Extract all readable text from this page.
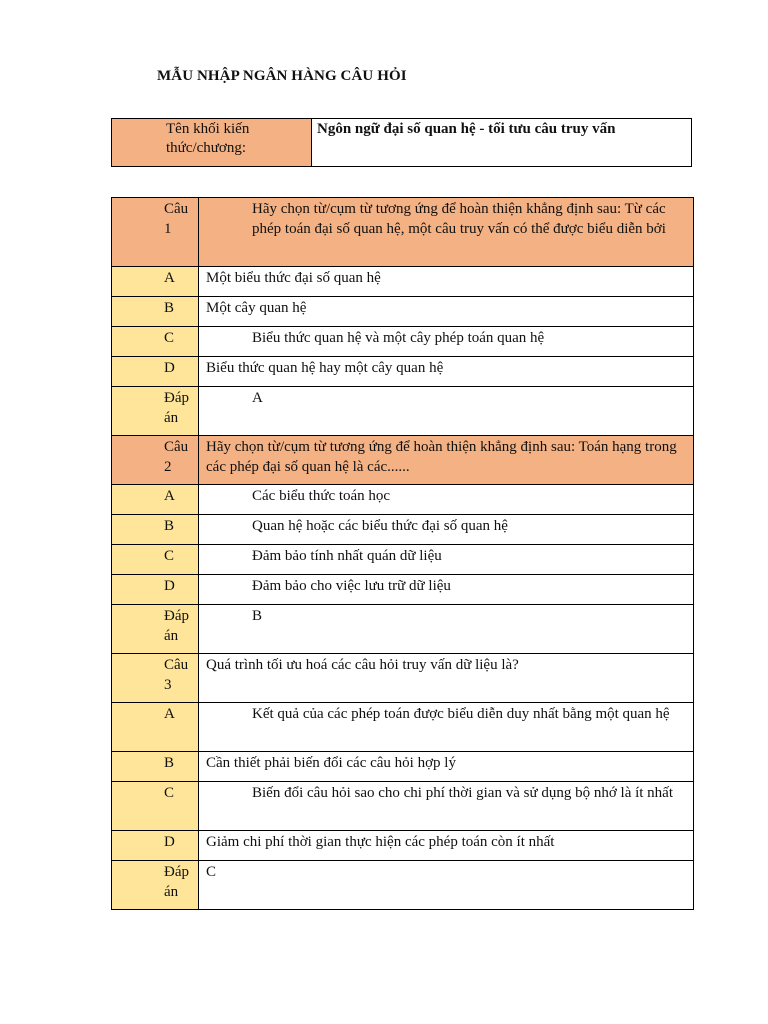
MẪU NHẬP NGÂN HÀNG CÂU HỎI
Tên khối kiến thức/chương:	Ngôn ngữ đại số quan hệ - tối tưu câu truy vấn
Câu 1	Hãy chọn từ/cụm từ tương ứng để hoàn thiện khẳng định sau: Từ các phép toán đại số quan hệ, một câu truy vấn có thể được biểu diễn bởi
A	Một biểu thức đại số quan hệ
B	Một cây quan hệ
C	Biểu thức quan hệ và một cây phép toán quan hệ
D	Biểu thức quan hệ hay một cây quan hệ
Đáp án	A
Câu 2	Hãy chọn từ/cụm từ tương ứng để hoàn thiện khẳng định sau: Toán hạng trong các phép đại số quan hệ là các......
A	Các biểu thức toán học
B	Quan hệ hoặc các biểu thức đại số quan hệ
C	Đảm bảo tính nhất quán dữ liệu
D	Đảm bảo cho việc lưu trữ dữ liệu
Đáp án	B
Câu 3	Quá trình tối ưu hoá các câu hỏi truy vấn dữ liệu là?
A	Kết quả của các phép toán được biểu diễn duy nhất bằng một quan hệ
B	Cần thiết phải biến đổi các câu hỏi hợp lý
C	Biến đổi câu hỏi sao cho chi phí thời gian và sử dụng bộ nhớ là ít nhất
D	Giảm chi phí thời gian thực hiện các phép toán còn ít nhất
Đáp án	C
